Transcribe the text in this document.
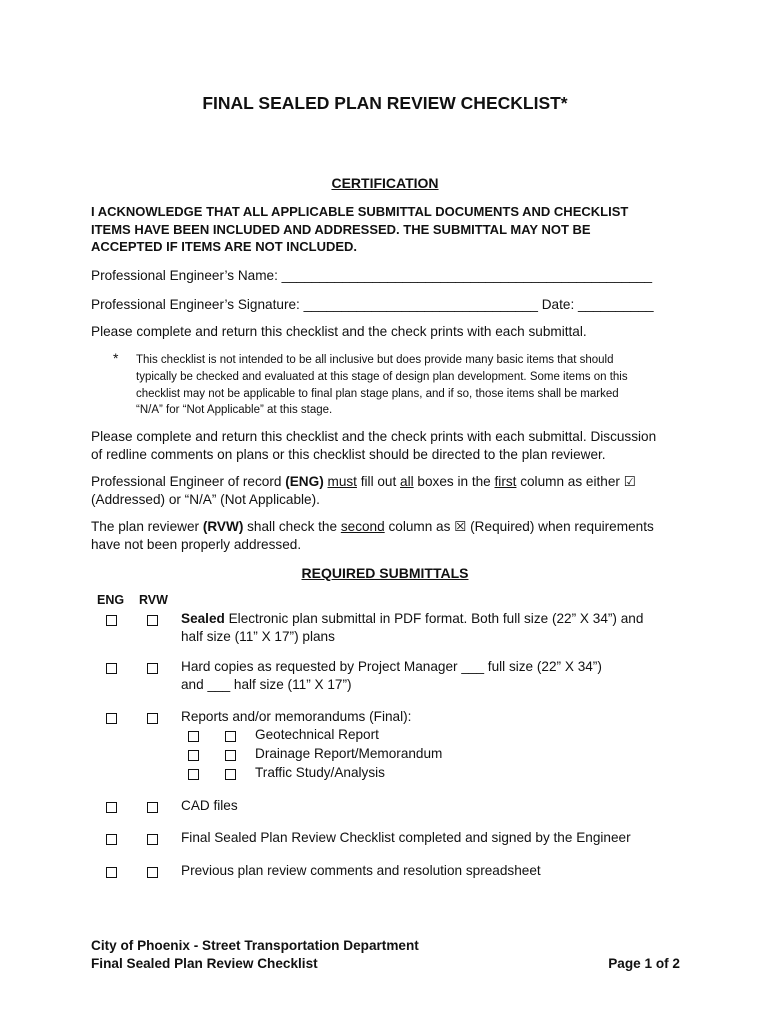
FINAL SEALED PLAN REVIEW CHECKLIST*
CERTIFICATION
I ACKNOWLEDGE THAT ALL APPLICABLE SUBMITTAL DOCUMENTS AND CHECKLIST
ITEMS HAVE BEEN INCLUDED AND ADDRESSED. THE SUBMITTAL MAY NOT BE
ACCEPTED IF ITEMS ARE NOT INCLUDED.
Professional Engineer’s Name: _________________________________________________
Professional Engineer’s Signature: _______________________________ Date: __________
Please complete and return this checklist and the check prints with each submittal.
* This checklist is not intended to be all inclusive but does provide many basic items that should
typically be checked and evaluated at this stage of design plan development. Some items on this
checklist may not be applicable to final plan stage plans, and if so, those items shall be marked
“N/A” for “Not Applicable” at this stage.
Please complete and return this checklist and the check prints with each submittal. Discussion
of redline comments on plans or this checklist should be directed to the plan reviewer.
Professional Engineer of record (ENG) must fill out all boxes in the first column as either ☑
(Addressed) or “N/A” (Not Applicable).
The plan reviewer (RVW) shall check the second column as ☒ (Required) when requirements
have not been properly addressed.
REQUIRED SUBMITTALS
ENG RVW
Sealed Electronic plan submittal in PDF format. Both full size (22” X 34”) and
half size (11” X 17”) plans
Hard copies as requested by Project Manager ___ full size (22” X 34”)
and ___ half size (11” X 17”)
Reports and/or memorandums (Final):
Geotechnical Report
Drainage Report/Memorandum
Traffic Study/Analysis
CAD files
Final Sealed Plan Review Checklist completed and signed by the Engineer
Previous plan review comments and resolution spreadsheet
City of Phoenix - Street Transportation Department
Final Sealed Plan Review Checklist	Page 1 of 2
